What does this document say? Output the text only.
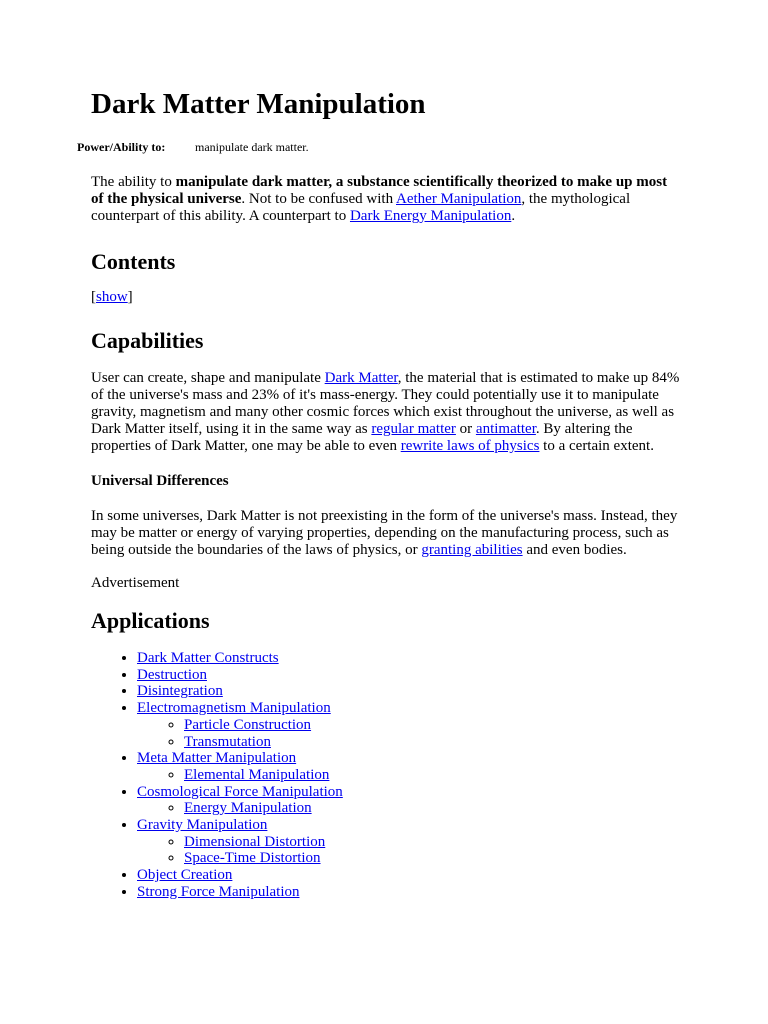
Dark Matter Manipulation
Power/Ability to: manipulate dark matter.

The ability to manipulate dark matter, a substance scientifically theorized to make up most of the physical universe. Not to be confused with Aether Manipulation, the mythological counterpart of this ability. A counterpart to Dark Energy Manipulation.

Contents

[show]

Capabilities

User can create, shape and manipulate Dark Matter, the material that is estimated to make up 84% of the universe's mass and 23% of it's mass-energy. They could potentially use it to manipulate gravity, magnetism and many other cosmic forces which exist throughout the universe, as well as Dark Matter itself, using it in the same way as regular matter or antimatter. By altering the properties of Dark Matter, one may be able to even rewrite laws of physics to a certain extent.

Universal Differences

In some universes, Dark Matter is not preexisting in the form of the universe's mass. Instead, they may be matter or energy of varying properties, depending on the manufacturing process, such as being outside the boundaries of the laws of physics, or granting abilities and even bodies.

Advertisement

Applications
• Dark Matter Constructs
• Destruction
• Disintegration
• Electromagnetism Manipulation
◦ Particle Construction
◦ Transmutation
• Meta Matter Manipulation
◦ Elemental Manipulation
• Cosmological Force Manipulation
◦ Energy Manipulation
• Gravity Manipulation
◦ Dimensional Distortion
◦ Space-Time Distortion
• Object Creation
• Strong Force Manipulation
